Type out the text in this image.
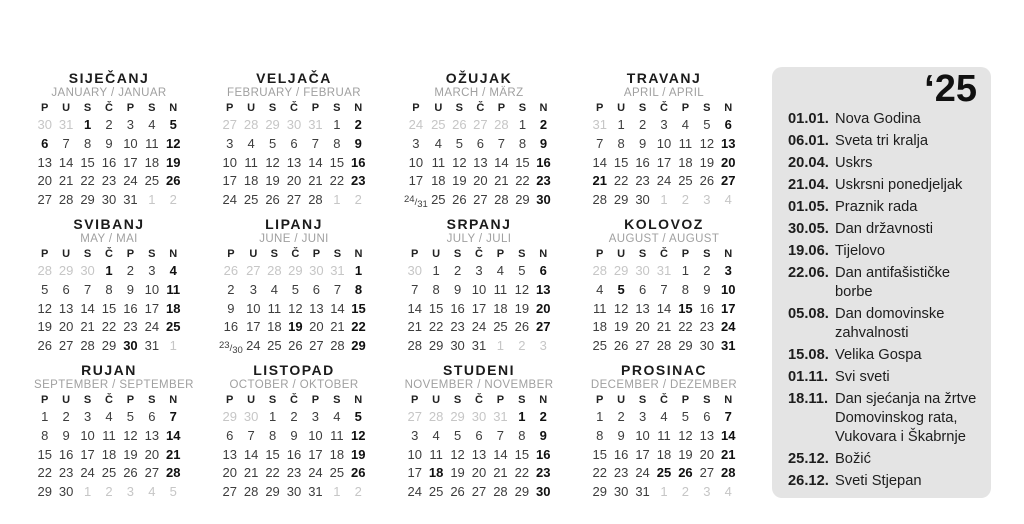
SIJEČANJ
JANUARY / JANUAR
P	U	S	Č	P	S	N
30 31 1	2	3	4	5
6	7	8	9 10 11 12
13 14 15 16 17 18 19
20 21 22 23 24 25 26
27 28 29 30 31 1	2
VELJAČA
FEBRUARY / FEBRUAR
P	U	S	Č	P	S	N
27 28 29 30 31 1	2
3	4	5	6	7	8	9
10 11 12 13 14 15 16
17 18 19 20 21 22 23
24 25 26 27 28 1	2
OŽUJAK
MARCH / MÄRZ
P	U	S	Č	P	S	N
24 25 26 27 28 1	2
3	4	5	6	7	8	9
10 11 12 13 14 15 16
17 18 19 20 21 22 23
24/31 25 26 27 28 29 30
TRAVANJ
APRIL / APRIL
P	U	S	Č	P	S	N
31 1	2	3	4	5	6
7	8	9 10 11 12 13
14 15 16 17 18 19 20
21 22 23 24 25 26 27
28 29 30 1	2	3	4
SVIBANJ
MAY / MAI
P	U	S	Č	P	S	N
28 29 30 1	2	3	4
5	6	7	8	9 10 11
12 13 14 15 16 17 18
19 20 21 22 23 24 25
26 27 28 29 30 31 1
LIPANJ
JUNE / JUNI
P	U	S	Č	P	S	N
26 27 28 29 30 31 1
2	3	4	5	6	7	8
9 10 11 12 13 14 15
16 17 18 19 20 21 22
23/30 24 25 26 27 28 29
SRPANJ
JULY / JULI
P	U	S	Č	P	S	N
30 1	2	3	4	5	6
7	8	9 10 11 12 13
14 15 16 17 18 19 20
21 22 23 24 25 26 27
28 29 30 31 1	2	3
KOLOVOZ
AUGUST / AUGUST
P	U	S	Č	P	S	N
28 29 30 31 1	2	3
4	5	6	7	8	9 10
11 12 13 14 15 16 17
18 19 20 21 22 23 24
25 26 27 28 29 30 31
RUJAN
SEPTEMBER / SEPTEMBER
P	U	S	Č	P	S	N
1	2	3	4	5	6	7
8	9 10 11 12 13 14
15 16 17 18 19 20 21
22 23 24 25 26 27 28
29 30 1	2	3	4	5
LISTOPAD
OCTOBER / OKTOBER
P	U	S	Č	P	S	N
29 30 1	2	3	4	5
6	7	8	9 10 11 12
13 14 15 16 17 18 19
20 21 22 23 24 25 26
27 28 29 30 31 1	2
STUDENI
NOVEMBER / NOVEMBER
P	U	S	Č	P	S	N
27 28 29 30 31 1	2
3	4	5	6	7	8	9
10 11 12 13 14 15 16
17 18 19 20 21 22 23
24 25 26 27 28 29 30
PROSINAC
DECEMBER / DEZEMBER
P	U	S	Č	P	S	N
1	2	3	4	5	6	7
8	9 10 11 12 13 14
15 16 17 18 19 20 21
22 23 24 25 26 27 28
29 30 31 1	2	3	4
‘25
01.01. Nova Godina
06.01. Sveta tri kralja
20.04. Uskrs
21.04. Uskrsni ponedjeljak
01.05. Praznik rada
30.05. Dan državnosti
19.06. Tijelovo
22.06. Dan antifašističke borbe
05.08. Dan domovinske zahvalnosti
15.08. Velika Gospa
01.11. Svi sveti
18.11. Dan sjećanja na žrtve Domovinskog rata, Vukovara i Škabrnje
25.12. Božić
26.12. Sveti Stjepan
